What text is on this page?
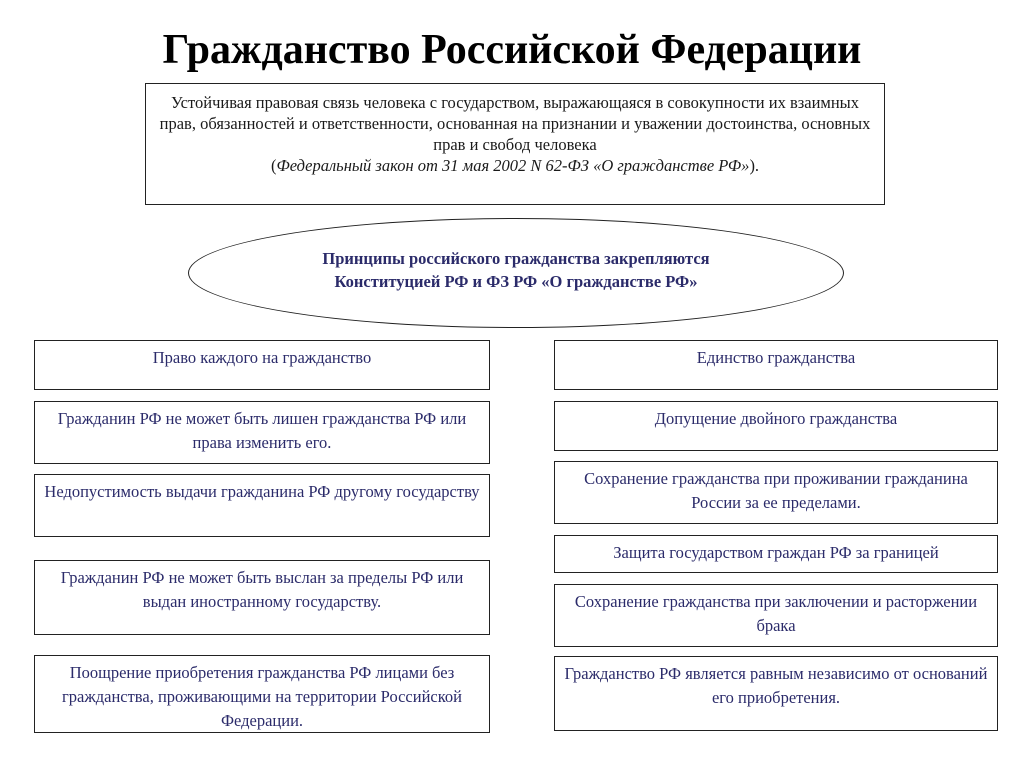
Гражданство Российской Федерации
Устойчивая правовая связь человека с государством, выражающаяся в совокупности их взаимных прав, обязанностей и ответственности, основанная на признании и уважении достоинства, основных прав и свобод человека
(Федеральный закон от 31 мая 2002 N 62-ФЗ «О гражданстве РФ»).
Принципы российского гражданства закрепляются
Конституцией РФ и ФЗ РФ «О гражданстве РФ»
Право каждого на гражданство
Гражданин РФ не может быть лишен гражданства РФ или права изменить его.
Недопустимость выдачи гражданина РФ другому государству
Гражданин РФ не может быть выслан за пределы РФ или выдан иностранному государству.
Поощрение приобретения гражданства РФ лицами без гражданства, проживающими на территории Российской Федерации.
Единство гражданства
Допущение двойного гражданства
Сохранение гражданства при проживании гражданина России за ее пределами.
Защита государством граждан РФ за границей
Сохранение гражданства при заключении и расторжении брака
Гражданство РФ является равным независимо от оснований его приобретения.
